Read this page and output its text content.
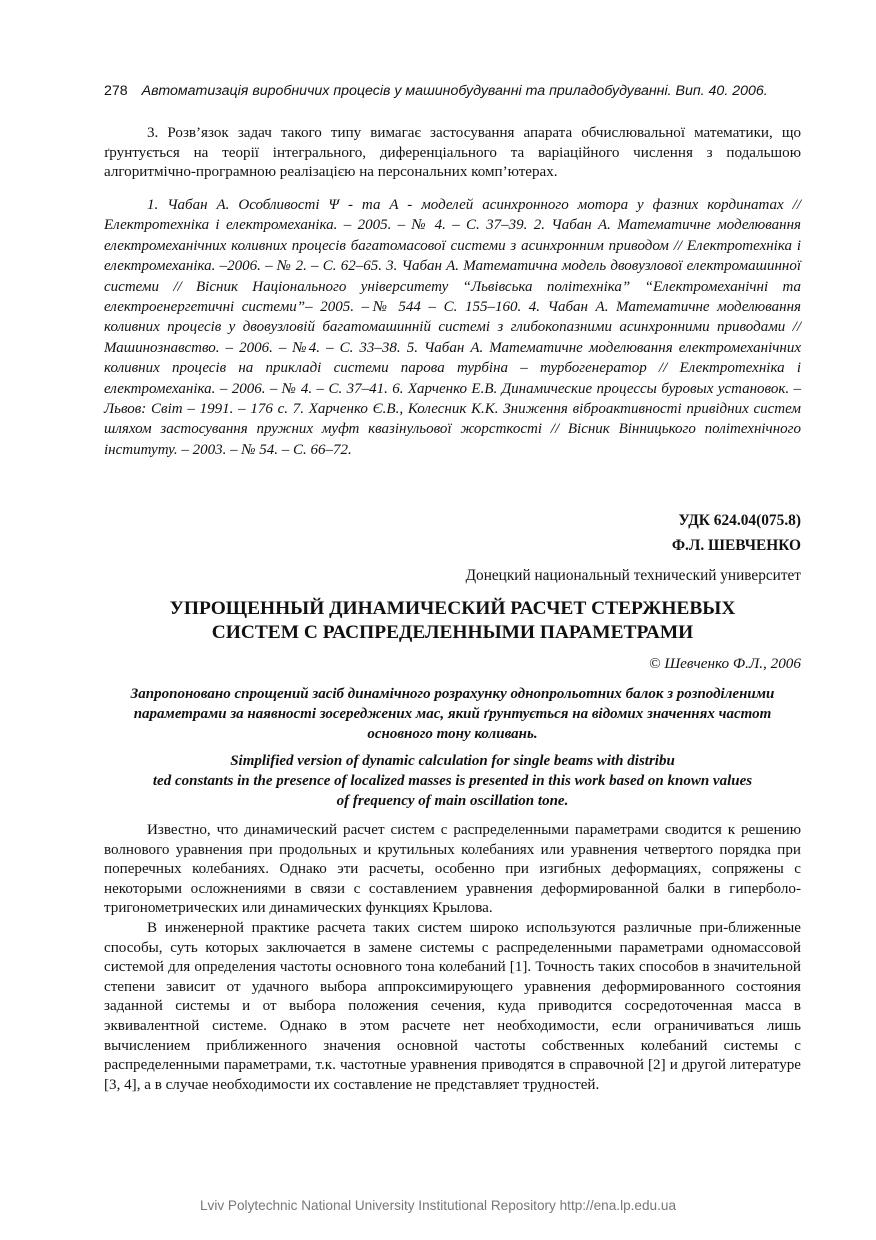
278 Автоматизація виробничих процесів у машинобудуванні та приладобудуванні. Вип. 40. 2006.
3. Розв’язок задач такого типу вимагає застосування апарата обчислювальної математики, що ґрунтується на теорії інтегрального, диференціального та варіаційного числення з подальшою алгоритмічно-програмною реалізацією на персональних комп’ютерах.
1. Чабан А. Особливості Ψ - та A - моделей асинхронного мотора у фазних кординатах // Електротехніка і електромеханіка. – 2005. – № 4. – С. 37–39. 2. Чабан А. Математичне моделювання електромеханічних коливних процесів багатомасової системи з асинхронним приводом // Електротехніка і електромеханіка. –2006. – № 2. – С. 62–65. 3. Чабан А. Математична модель двовузлової електромашинної системи // Вісник Національного університету “Львівська політехніка” “Електромеханічні та електроенергетичні системи”– 2005. –№ 544 – С. 155–160. 4. Чабан А. Математичне моделювання коливних процесів у двовузловій багатомашинній системі з глибокопазними асинхронними приводами // Машинознавство. – 2006. – №4. – С. 33–38. 5. Чабан А. Математичне моделювання електромеханічних коливних процесів на прикладі системи парова турбіна – турбогенератор // Електротехніка і електромеханіка. – 2006. – № 4. – С. 37–41. 6. Харченко Е.В. Динамические процессы буровых установок. – Львов: Світ – 1991. – 176 с. 7. Харченко Є.В., Колесник К.К. Зниження віброактивності привідних систем шляхом застосування пружних муфт квазінульової жорсткості // Вісник Вінницького політехнічного інституту. – 2003. – № 54. – С. 66–72.
УДК 624.04(075.8)
Ф.Л. ШЕВЧЕНКО
Донецкий национальный технический университет
УПРОЩЕННЫЙ ДИНАМИЧЕСКИЙ РАСЧЕТ СТЕРЖНЕВЫХ
СИСТЕМ С РАСПРЕДЕЛЕННЫМИ ПАРАМЕТРАМИ
© Шевченко Ф.Л., 2006
Запропоновано спрощений засіб динамічного розрахунку однопрольотних балок з розподіленими
параметрами за наявності зосереджених мас, який ґрунтується на відомих значеннях частот
основного тону коливань.
Simplified version of dynamic calculation for single beams with distribu
ted constants in the presence of localized masses is presented in this work based on known values
of frequency of main oscillation tone.

Известно, что динамический расчет систем с распределенными параметрами сводится к решению волнового уравнения при продольных и крутильных колебаниях или уравнения четвертого порядка при поперечных колебаниях. Однако эти расчеты, особенно при изгибных деформациях, сопряжены с некоторыми осложнениями в связи с составлением уравнения деформированной балки в гиперболо-тригонометрических или динамических функциях Крылова.

В инженерной практике расчета таких систем широко используются различные при-ближенные способы, суть которых заключается в замене системы с распределенными параметрами одномассовой системой для определения частоты основного тона колебаний [1]. Точность таких способов в значительной степени зависит от удачного выбора аппроксимирующего уравнения деформированного состояния заданной системы и от выбора положения сечения, куда приводится сосредоточенная масса в эквивалентной системе. Однако в этом расчете нет необходимости, если ограничиваться лишь вычислением приближенного значения основной частоты собственных колебаний системы с распределенными параметрами, т.к. частотные уравнения приводятся в справочной [2] и другой литературе [3, 4], а в случае необходимости их составление не представляет трудностей.

Lviv Polytechnic National University Institutional Repository http://ena.lp.edu.ua
